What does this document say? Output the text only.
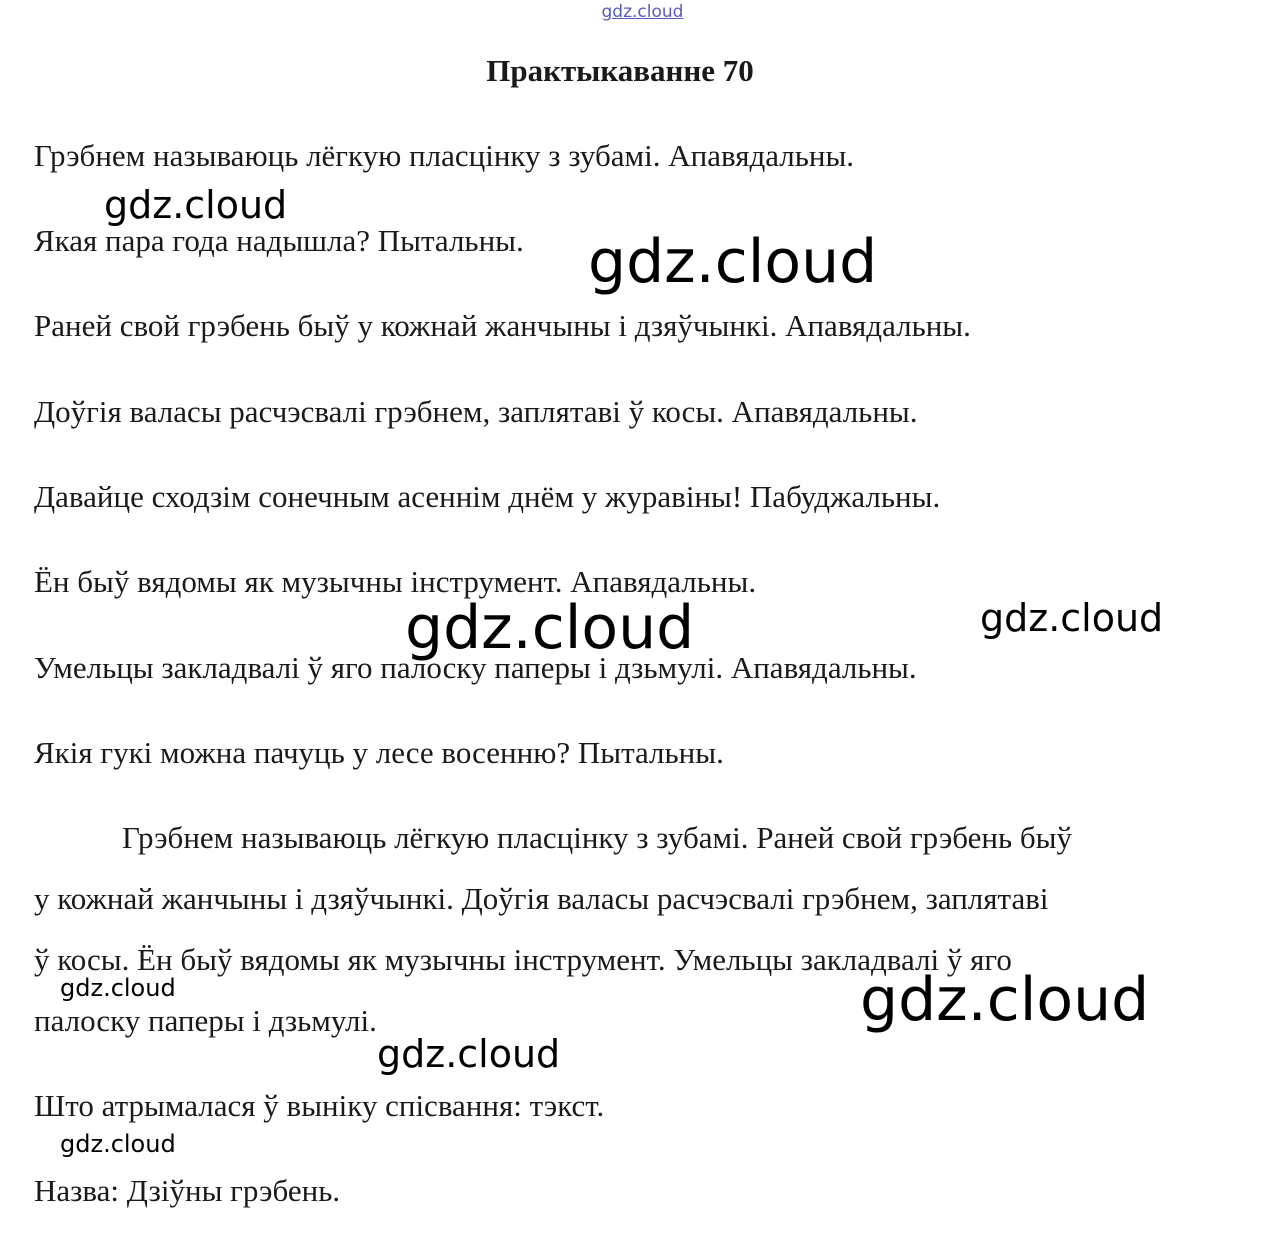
gdz.cloud
Практыкаванне 70
Грэбнем называюць лёгкую пласцінку з зубамі. Апавядальны.
Якая пара года надышла? Пытальны.
Раней свой грэбень быў у кожнай жанчыны і дзяўчынкі. Апавядальны.
Доўгія валасы расчэсвалі грэбнем, заплятаві ў косы. Апавядальны.
Давайце сходзім сонечным асеннім днём у журавіны! Пабуджальны.
Ён быў вядомы як музычны інструмент. Апавядальны.
Умельцы закладвалі ў яго палоску паперы і дзьмулі. Апавядальны.
Якія гукі можна пачуць у лесе восенню? Пытальны.
Грэбнем называюць лёгкую пласцінку з зубамі. Раней свой грэбень быў
у кожнай жанчыны і дзяўчынкі. Доўгія валасы расчэсвалі грэбнем, заплятаві
ў косы. Ён быў вядомы як музычны інструмент. Умельцы закладвалі ў яго
палоску паперы і дзьмулі.
Што атрымалася ў выніку спісвання: тэкст.
Назва: Дзіўны грэбень.
gdz.cloud
gdz.cloud
gdz.cloud	gdz.cloud
gdz.cloud	gdz.cloud
gdz.cloud
gdz.cloud
